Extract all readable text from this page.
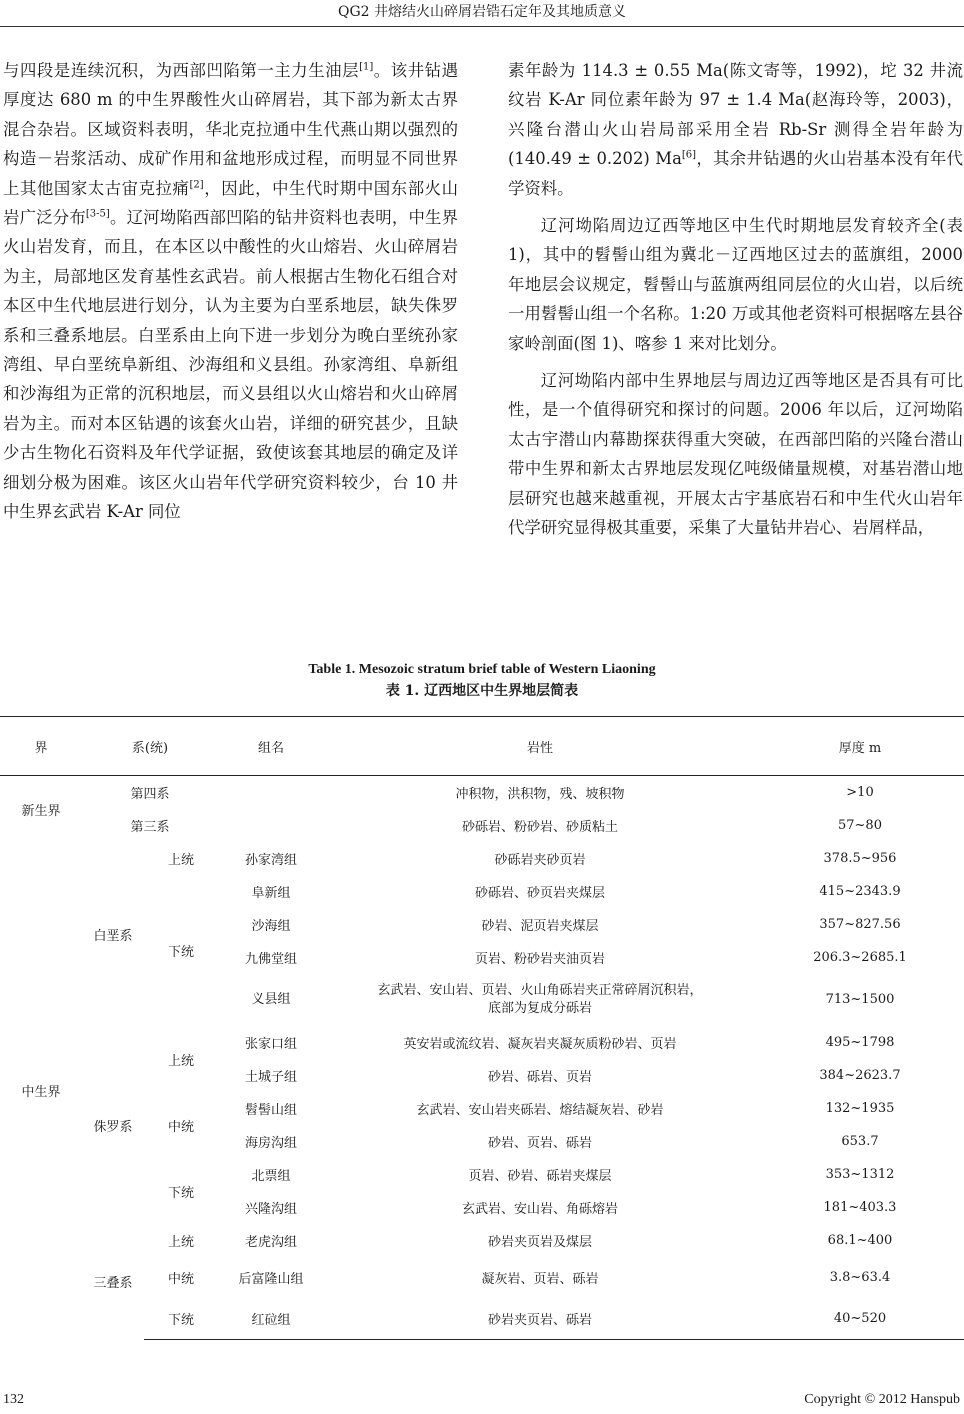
QG2 井熔结火山碎屑岩锆石定年及其地质意义

与四段是连续沉积，为西部凹陷第一主力生油层[1]。该井钻遇厚度达 680 m 的中生界酸性火山碎屑岩，其下部为新太古界混合杂岩。区域资料表明，华北克拉通中生代燕山期以强烈的构造－岩浆活动、成矿作用和盆地形成过程，而明显不同世界上其他国家太古宙克拉痛[2]，因此，中生代时期中国东部火山岩广泛分布[3-5]。辽河坳陷西部凹陷的钻井资料也表明，中生界火山岩发育，而且，在本区以中酸性的火山熔岩、火山碎屑岩为主，局部地区发育基性玄武岩。前人根据古生物化石组合对本区中生代地层进行划分，认为主要为白垩系地层，缺失侏罗系和三叠系地层。白垩系由上向下进一步划分为晚白垩统孙家湾组、早白垩统阜新组、沙海组和义县组。孙家湾组、阜新组和沙海组为正常的沉积地层，而义县组以火山熔岩和火山碎屑岩为主。而对本区钻遇的该套火山岩，详细的研究甚少，且缺少古生物化石资料及年代学证据，致使该套其地层的确定及详细划分极为困难。该区火山岩年代学研究资料较少，台 10 井中生界玄武岩 K-Ar 同位

素年龄为 114.3 ± 0.55 Ma(陈文寄等，1992)，坨 32 井流纹岩 K-Ar 同位素年龄为 97 ± 1.4 Ma(赵海玲等，2003)，兴隆台潜山火山岩局部采用全岩 Rb-Sr 测得全岩年龄为(140.49 ± 0.202) Ma[6]，其余井钻遇的火山岩基本没有年代学资料。

辽河坳陷周边辽西等地区中生代时期地层发育较齐全(表 1)，其中的髫髻山组为冀北－辽西地区过去的蓝旗组，2000 年地层会议规定，髫髻山与蓝旗两组同层位的火山岩，以后统一用髫髻山组一个名称。1:20 万或其他老资料可根据喀左县谷家岭剖面(图 1)、喀参 1 来对比划分。

辽河坳陷内部中生界地层与周边辽西等地区是否具有可比性，是一个值得研究和探讨的问题。2006 年以后，辽河坳陷太古宇潜山内幕勘探获得重大突破，在西部凹陷的兴隆台潜山带中生界和新太古界地层发现亿吨级储量规模，对基岩潜山地层研究也越来越重视，开展太古宇基底岩石和中生代火山岩年代学研究显得极其重要，采集了大量钻井岩心、岩屑样品，

Table 1. Mesozoic stratum brief table of Western Liaoning
表 1. 辽西地区中生界地层简表
界	系(统)		组名	岩性	厚度 m
新生界	第四系			冲积物，洪积物，残、坡积物	>10
	第三系			砂砾岩、粉砂岩、砂质粘土	57~80
中生界	白垩系	上统	孙家湾组	砂砾岩夹砂页岩	378.5~956
		下统	阜新组	砂砾岩、砂页岩夹煤层	415~2343.9
			沙海组	砂岩、泥页岩夹煤层	357~827.56
			九佛堂组	页岩、粉砂岩夹油页岩	206.3~2685.1
			义县组	玄武岩、安山岩、页岩、火山角砾岩夹正常碎屑沉积岩，
底部为复成分砾岩	713~1500
	侏罗系	上统	张家口组	英安岩或流纹岩、凝灰岩夹凝灰质粉砂岩、页岩	495~1798
			土城子组	砂岩、砾岩、页岩	384~2623.7
		中统	髫髻山组	玄武岩、安山岩夹砾岩、熔结凝灰岩、砂岩	132~1935
			海房沟组	砂岩、页岩、砾岩	653.7
		下统	北票组	页岩、砂岩、砾岩夹煤层	353~1312
			兴隆沟组	玄武岩、安山岩、角砾熔岩	181~403.3
	三叠系	上统	老虎沟组	砂岩夹页岩及煤层	68.1~400
		中统	后富隆山组	凝灰岩、页岩、砾岩	3.8~63.4
		下统	红砬组	砂岩夹页岩、砾岩	40~520
132	Copyright © 2012 Hanspub
